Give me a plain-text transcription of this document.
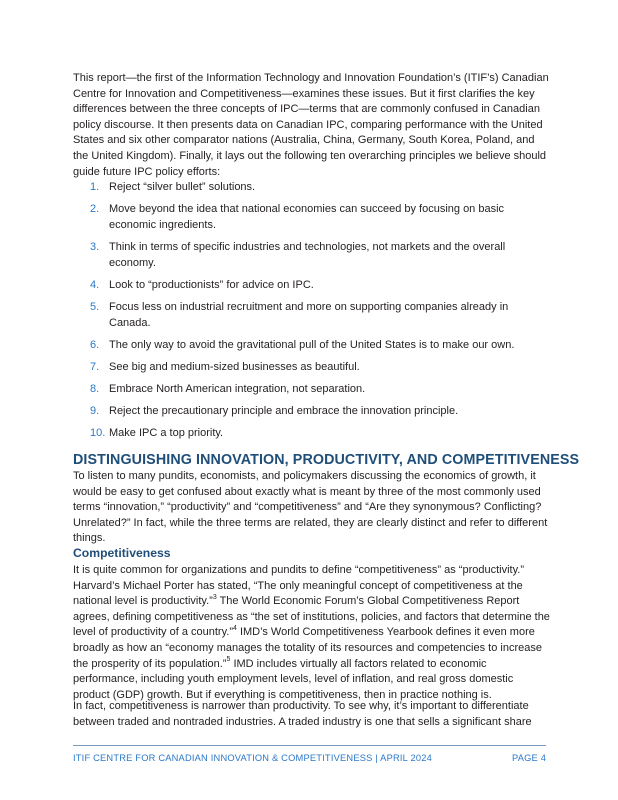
This report—the first of the Information Technology and Innovation Foundation’s (ITIF’s) Canadian Centre for Innovation and Competitiveness—examines these issues. But it first clarifies the key differences between the three concepts of IPC—terms that are commonly confused in Canadian policy discourse. It then presents data on Canadian IPC, comparing performance with the United States and six other comparator nations (Australia, China, Germany, South Korea, Poland, and the United Kingdom). Finally, it lays out the following ten overarching principles we believe should guide future IPC policy efforts:

1. Reject “silver bullet” solutions.
2. Move beyond the idea that national economies can succeed by focusing on basic economic ingredients.
3. Think in terms of specific industries and technologies, not markets and the overall economy.
4. Look to “productionists” for advice on IPC.
5. Focus less on industrial recruitment and more on supporting companies already in Canada.
6. The only way to avoid the gravitational pull of the United States is to make our own.
7. See big and medium-sized businesses as beautiful.
8. Embrace North American integration, not separation.
9. Reject the precautionary principle and embrace the innovation principle.
10. Make IPC a top priority.
DISTINGUISHING INNOVATION, PRODUCTIVITY, AND COMPETITIVENESS

To listen to many pundits, economists, and policymakers discussing the economics of growth, it would be easy to get confused about exactly what is meant by three of the most commonly used terms “innovation,” “productivity” and “competitiveness” and “Are they synonymous? Conflicting? Unrelated?” In fact, while the three terms are related, they are clearly distinct and refer to different things.

Competitiveness

It is quite common for organizations and pundits to define “competitiveness” as “productivity.” Harvard’s Michael Porter has stated, “The only meaningful concept of competitiveness at the national level is productivity.”$^3$ The World Economic Forum’s Global Competitiveness Report agrees, defining competitiveness as “the set of institutions, policies, and factors that determine the level of productivity of a country.”$^4$ IMD’s World Competitiveness Yearbook defines it even more broadly as how an “economy manages the totality of its resources and competencies to increase the prosperity of its population.”$^5$ IMD includes virtually all factors related to economic performance, including youth employment levels, level of inflation, and real gross domestic product (GDP) growth. But if everything is competitiveness, then in practice nothing is.

In fact, competitiveness is narrower than productivity. To see why, it’s important to differentiate between traded and nontraded industries. A traded industry is one that sells a significant share

ITIF CENTRE FOR CANADIAN INNOVATION & COMPETITIVENESS | APRIL 2024	PAGE 4
